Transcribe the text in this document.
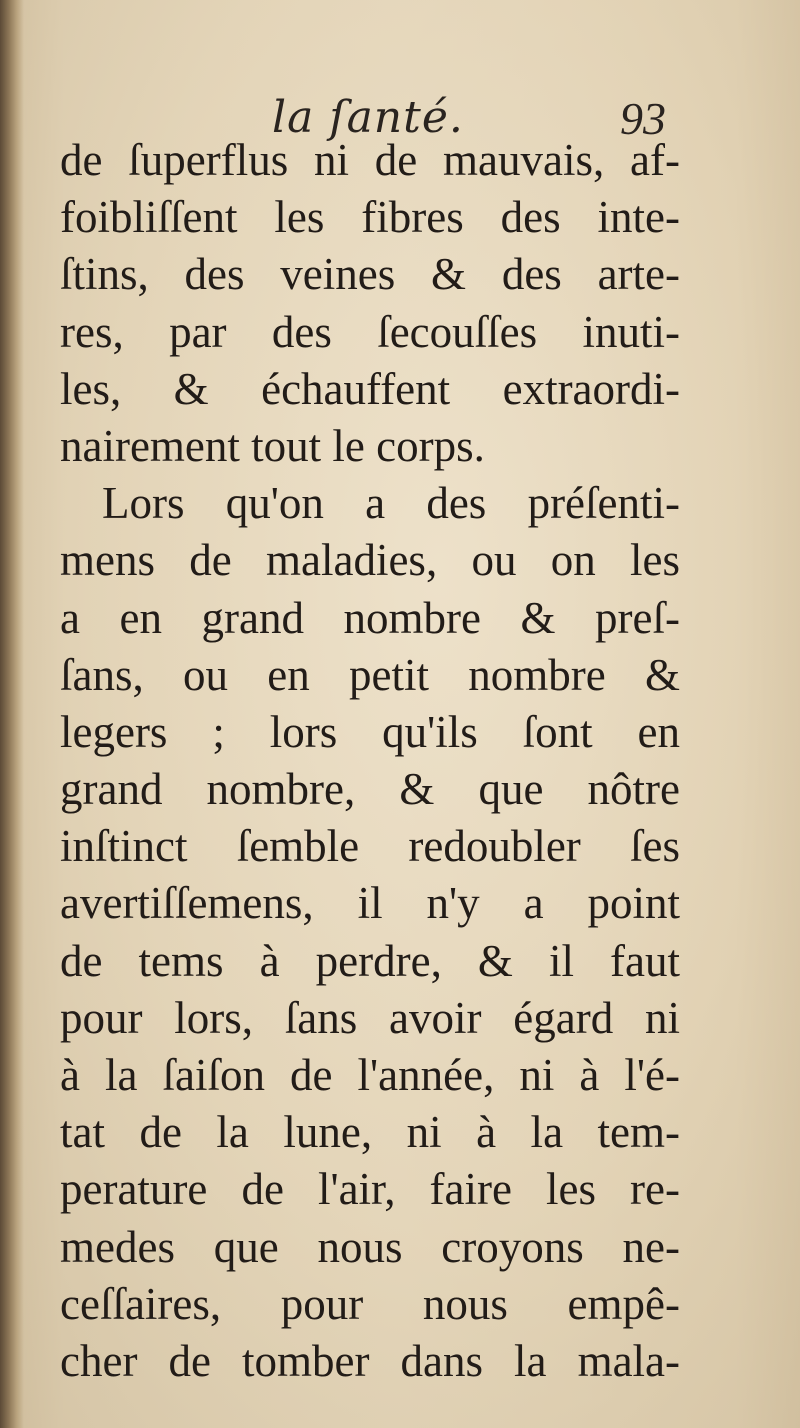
la ſanté.	93
de ſuperflus ni de mauvais, af-
foibliſſent les fibres des inte-
ſtins, des veines & des arte-
res, par des ſecouſſes inuti-
les, & échauffent extraordi-
nairement tout le corps.
Lors qu'on a des préſenti-
mens de maladies, ou on les
a en grand nombre & preſ-
ſans, ou en petit nombre &
legers ; lors qu'ils ſont en
grand nombre, & que nôtre
inſtinct ſemble redoubler ſes
avertiſſemens, il n'y a point
de tems à perdre, & il faut
pour lors, ſans avoir égard ni
à la ſaiſon de l'année, ni à l'é-
tat de la lune, ni à la tem-
perature de l'air, faire les re-
medes que nous croyons ne-
ceſſaires, pour nous empê-
cher de tomber dans la mala-
